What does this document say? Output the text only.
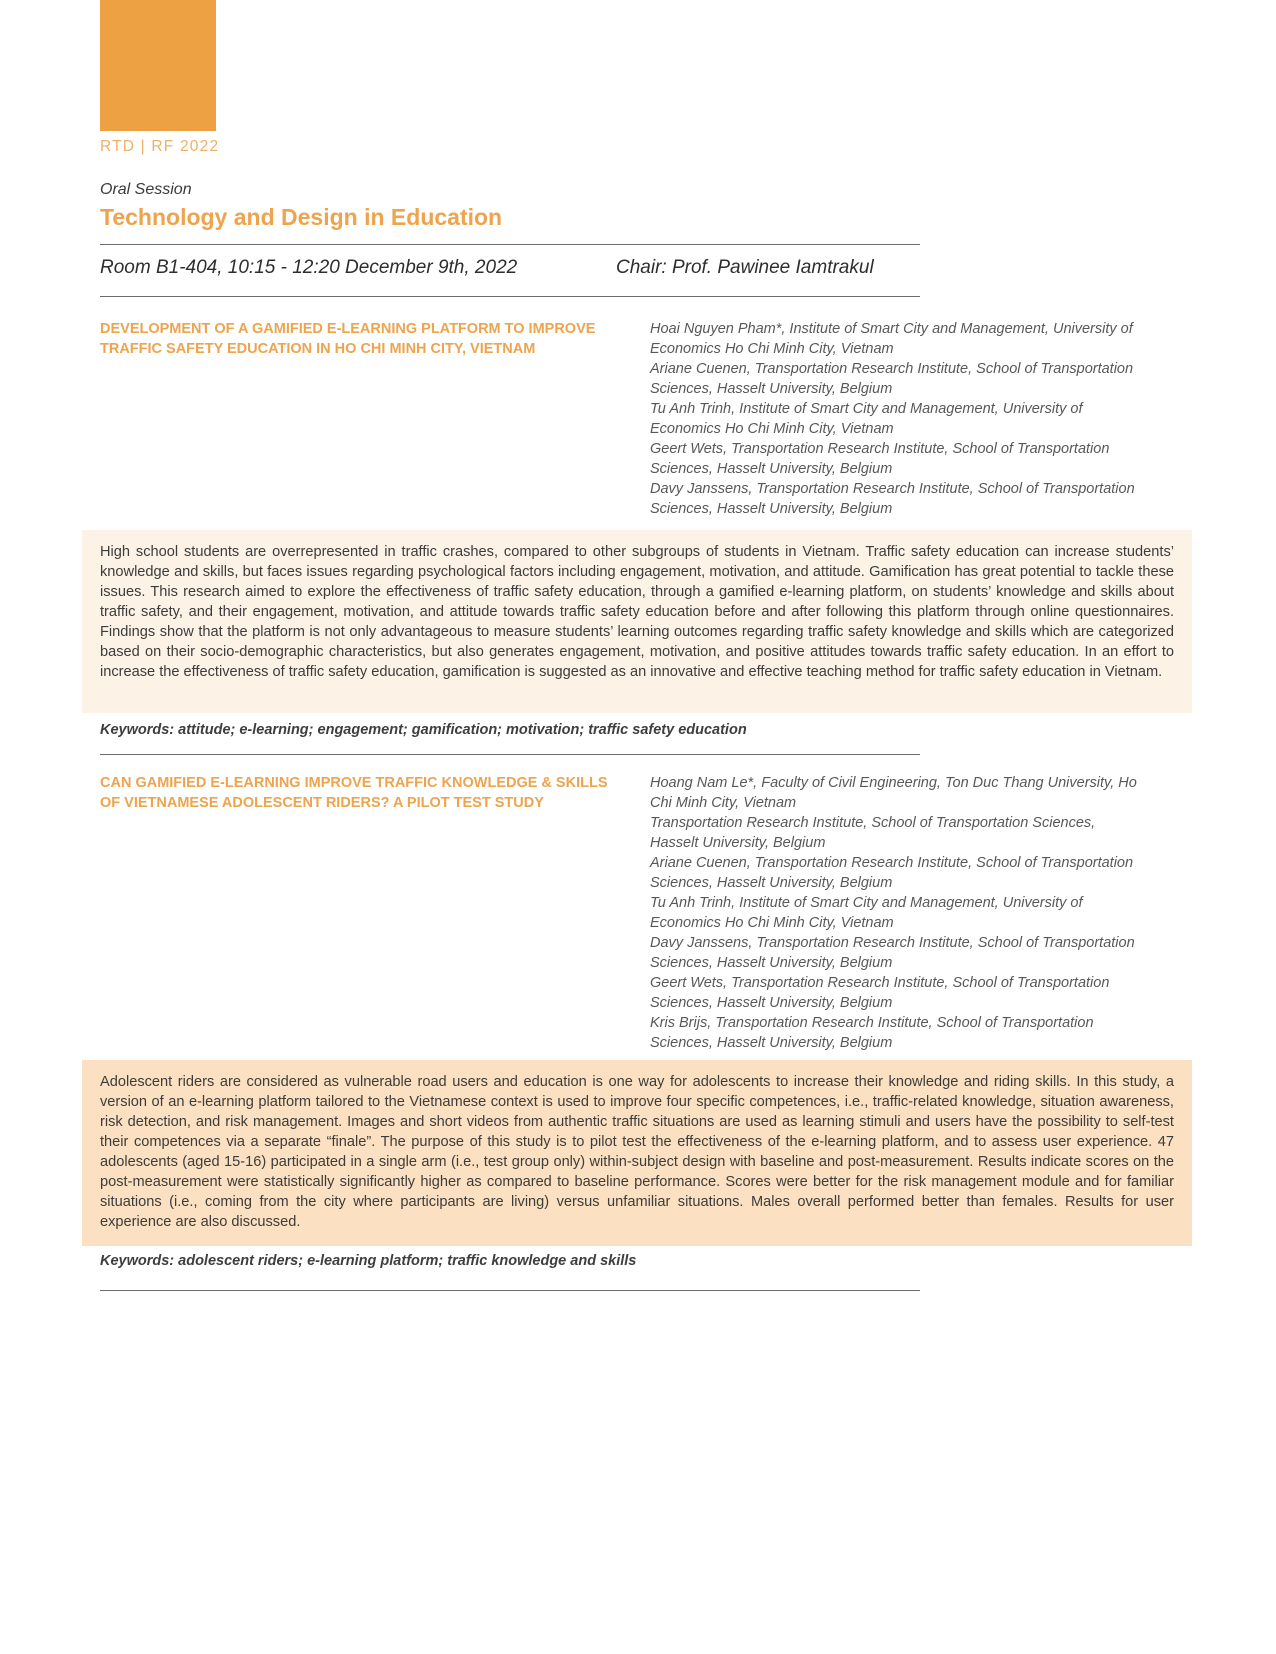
RTD | RF 2022
Oral Session
Technology and Design in Education
Room B1-404, 10:15 - 12:20 December 9th, 2022	Chair: Prof. Pawinee Iamtrakul
DEVELOPMENT OF A GAMIFIED E-LEARNING PLATFORM TO IMPROVE
TRAFFIC SAFETY EDUCATION IN HO CHI MINH CITY, VIETNAM
Hoai Nguyen Pham*, Institute of Smart City and Management, University of
Economics Ho Chi Minh City, Vietnam
Ariane Cuenen, Transportation Research Institute, School of Transportation
Sciences, Hasselt University, Belgium
Tu Anh Trinh, Institute of Smart City and Management, University of
Economics Ho Chi Minh City, Vietnam
Geert Wets, Transportation Research Institute, School of Transportation
Sciences, Hasselt University, Belgium
Davy Janssens, Transportation Research Institute, School of Transportation
Sciences, Hasselt University, Belgium

High school students are overrepresented in traffic crashes, compared to other subgroups of students in Vietnam. Traffic safety education can increase students’ knowledge and skills, but faces issues regarding psychological factors including engagement, motivation, and attitude. Gamification has great potential to tackle these issues. This research aimed to explore the effectiveness of traffic safety education, through a gamified e-learning platform, on students’ knowledge and skills about traffic safety, and their engagement, motivation, and attitude towards traffic safety education before and after following this platform through online questionnaires. Findings show that the platform is not only advantageous to measure students’ learning outcomes regarding traffic safety knowledge and skills which are categorized based on their socio-demographic characteristics, but also generates engagement, motivation, and positive attitudes towards traffic safety education. In an effort to increase the effectiveness of traffic safety education, gamification is suggested as an innovative and effective teaching method for traffic safety education in Vietnam.

Keywords: attitude; e-learning; engagement; gamification; motivation; traffic safety education
CAN GAMIFIED E-LEARNING IMPROVE TRAFFIC KNOWLEDGE & SKILLS
OF VIETNAMESE ADOLESCENT RIDERS? A PILOT TEST STUDY
Hoang Nam Le*, Faculty of Civil Engineering, Ton Duc Thang University, Ho
Chi Minh City, Vietnam
Transportation Research Institute, School of Transportation Sciences,
Hasselt University, Belgium
Ariane Cuenen, Transportation Research Institute, School of Transportation
Sciences, Hasselt University, Belgium
Tu Anh Trinh, Institute of Smart City and Management, University of
Economics Ho Chi Minh City, Vietnam
Davy Janssens, Transportation Research Institute, School of Transportation
Sciences, Hasselt University, Belgium
Geert Wets, Transportation Research Institute, School of Transportation
Sciences, Hasselt University, Belgium
Kris Brijs, Transportation Research Institute, School of Transportation
Sciences, Hasselt University, Belgium

Adolescent riders are considered as vulnerable road users and education is one way for adolescents to increase their knowledge and riding skills. In this study, a version of an e-learning platform tailored to the Vietnamese context is used to improve four specific competences, i.e., traffic-related knowledge, situation awareness, risk detection, and risk management. Images and short videos from authentic traffic situations are used as learning stimuli and users have the possibility to self-test their competences via a separate “finale”. The purpose of this study is to pilot test the effectiveness of the e-learning platform, and to assess user experience. 47 adolescents (aged 15-16) participated in a single arm (i.e., test group only) within-subject design with baseline and post-measurement. Results indicate scores on the post-measurement were statistically significantly higher as compared to baseline performance. Scores were better for the risk management module and for familiar situations (i.e., coming from the city where participants are living) versus unfamiliar situations. Males overall performed better than females. Results for user experience are also discussed.

Keywords: adolescent riders; e-learning platform; traffic knowledge and skills
